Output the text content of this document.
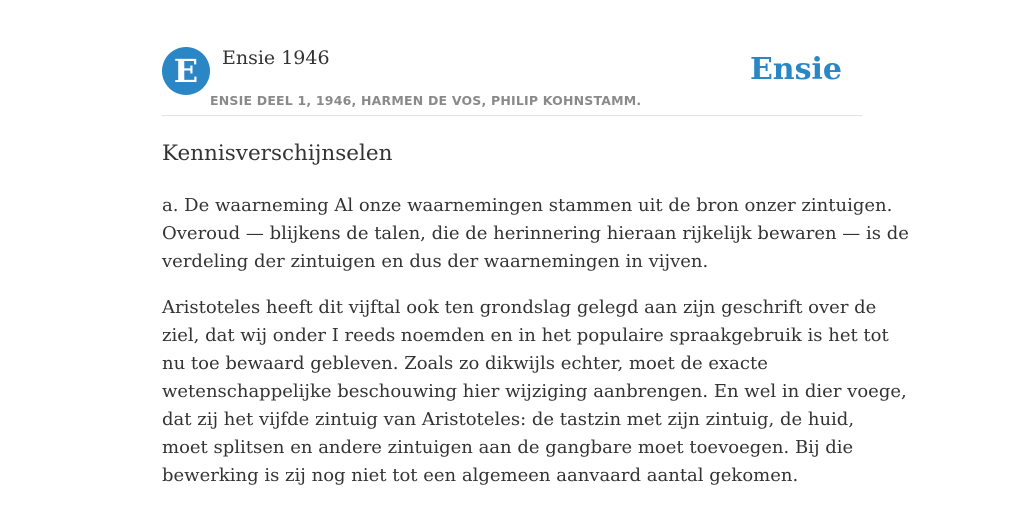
E	Ensie 1946
ENSIE DEEL 1, 1946, HARMEN DE VOS, PHILIP KOHNSTAMM.
Ensie
Kennisverschijnselen

a. De waarneming Al onze waarnemingen stammen uit de bron onzer zintuigen.
Overoud — blijkens de talen, die de herinnering hieraan rijkelijk bewaren — is de
verdeling der zintuigen en dus der waarnemingen in vijven.

Aristoteles heeft dit vijftal ook ten grondslag gelegd aan zijn geschrift over de
ziel, dat wij onder I reeds noemden en in het populaire spraakgebruik is het tot
nu toe bewaard gebleven. Zoals zo dikwijls echter, moet de exacte
wetenschappelijke beschouwing hier wijziging aanbrengen. En wel in dier voege,
dat zij het vijfde zintuig van Aristoteles: de tastzin met zijn zintuig, de huid,
moet splitsen en andere zintuigen aan de gangbare moet toevoegen. Bij die
bewerking is zij nog niet tot een algemeen aanvaard aantal gekomen.
